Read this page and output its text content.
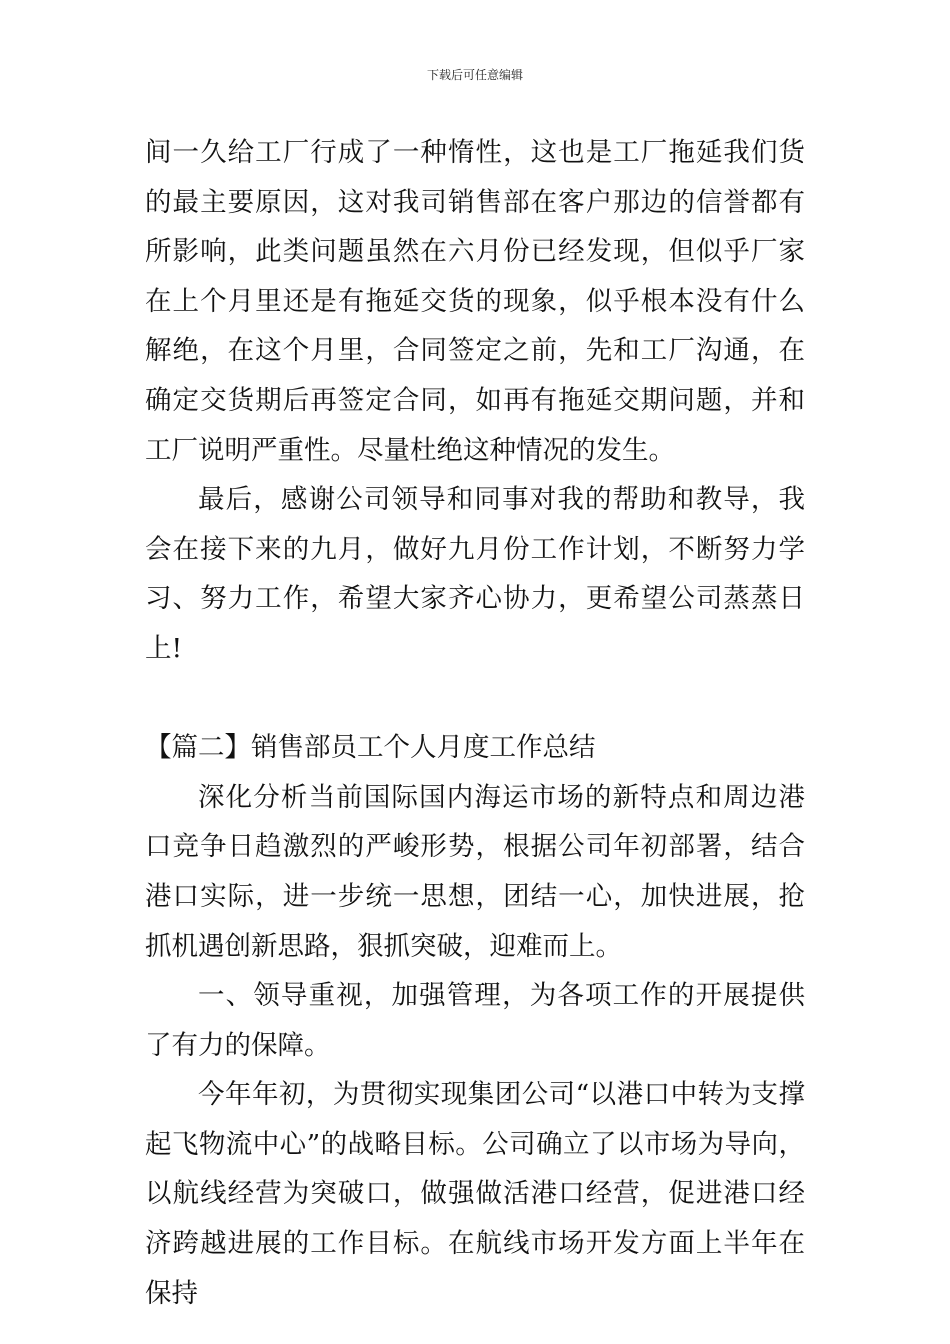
下载后可任意编辑

间一久给工厂行成了一种惰性，这也是工厂拖延我们货的最主要原因，这对我司销售部在客户那边的信誉都有所影响，此类问题虽然在六月份已经发现，但似乎厂家在上个月里还是有拖延交货的现象，似乎根本没有什么解绝，在这个月里，合同签定之前，先和工厂沟通，在确定交货期后再签定合同，如再有拖延交期问题，并和工厂说明严重性。尽量杜绝这种情况的发生。

最后，感谢公司领导和同事对我的帮助和教导，我会在接下来的九月，做好九月份工作计划，不断努力学习、努力工作，希望大家齐心协力，更希望公司蒸蒸日上!

【篇二】销售部员工个人月度工作总结

深化分析当前国际国内海运市场的新特点和周边港口竞争日趋激烈的严峻形势，根据公司年初部署，结合港口实际，进一步统一思想，团结一心，加快进展，抢抓机遇创新思路，狠抓突破，迎难而上。

一、领导重视，加强管理，为各项工作的开展提供了有力的保障。

今年年初，为贯彻实现集团公司“以港口中转为支撑起飞物流中心”的战略目标。公司确立了以市场为导向，以航线经营为突破口，做强做活港口经营，促进港口经济跨越进展的工作目标。在航线市场开发方面上半年在保持
